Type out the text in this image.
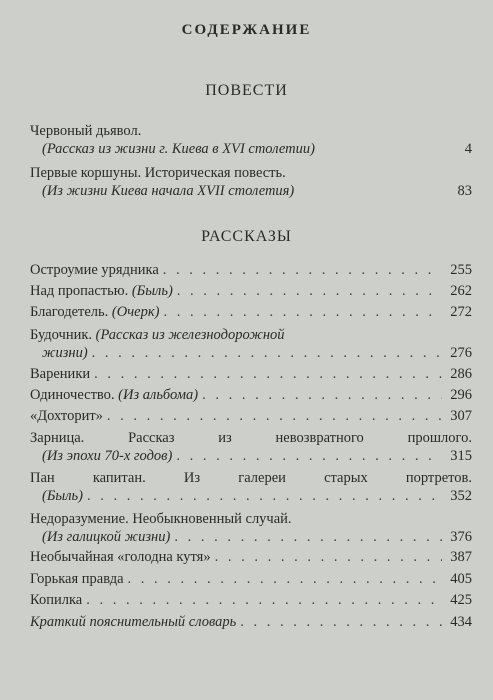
СОДЕРЖАНИЕ
ПОВЕСТИ
Червоный дьявол.
(Рассказ из жизни г. Киева в XVI столетии)	4
Первые коршуны. Историческая повесть.
(Из жизни Киева начала XVII столетия)	83
РАССКАЗЫ
Остроумие урядника . . .	255
Над пропастью.
(Быль) . . .	262
Благодетель.
(Очерк) . . .	272
Будочник.
(Рассказ из железнодорожной
жизни) . . .	276
Вареники . . .	286
Одиночество.
(Из альбома) . . .	296
«Дохторит» . . .	307
Зарница. Рассказ из невозвратного прошлого.
(Из эпохи 70-х годов) . . .	315
Пан капитан. Из галереи старых портретов.
(Быль) . . .	352
Недоразумение. Необыкновенный случай.
(Из галицкой жизни) . . .	376
Необычайная «голодна кутя» . . .	387
Горькая правда . . .	405
Копилка . . .	425
Краткий пояснительный словарь . . .	434
